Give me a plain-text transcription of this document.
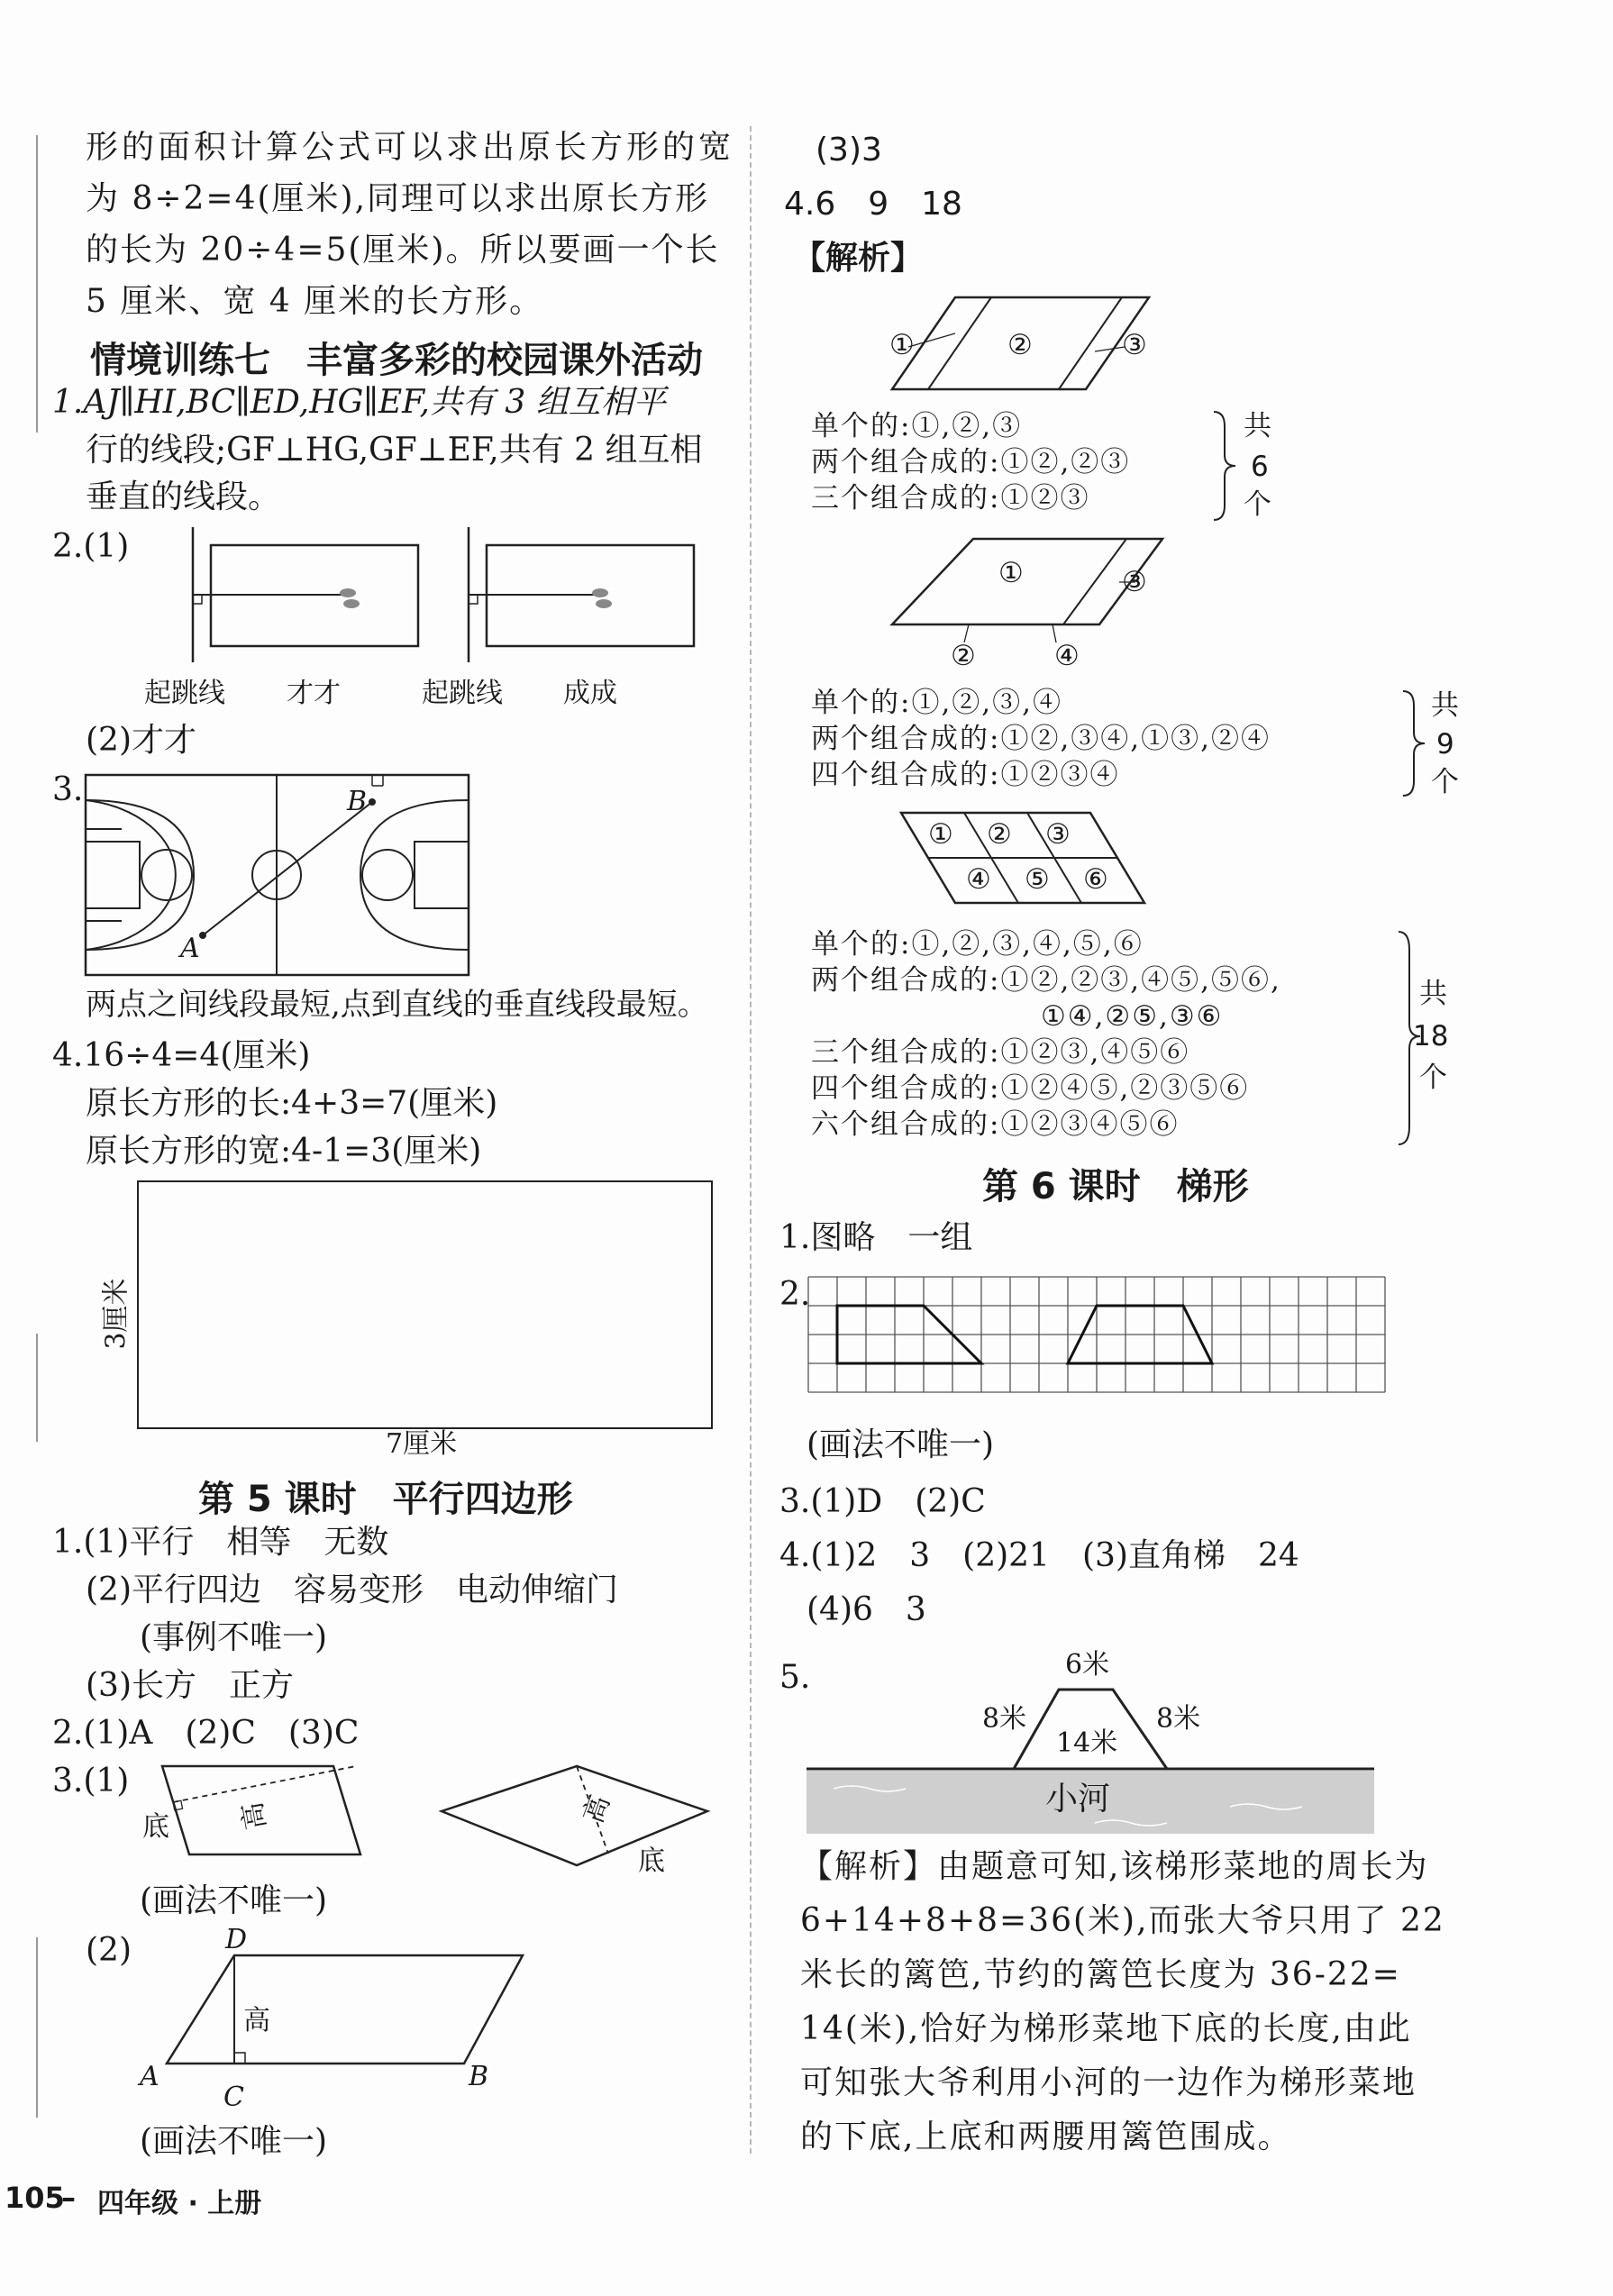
形的面积计算公式可以求出原长方形的宽
为 8÷2=4(厘米),同理可以求出原长方形
的长为 20÷4=5(厘米)。所以要画一个长
5 厘米、宽 4 厘米的长方形。
情境训练七　丰富多彩的校园课外活动
1.AJ∥HI,BC∥ED,HG∥EF,共有 3 组互相平
行的线段;GF⊥HG,GF⊥EF,共有 2 组互相
垂直的线段。
2.(1)
起跳线 才才	起跳线 成成
(2)才才
3.	B
A
两点之间线段最短,点到直线的垂直线段最短。
4.16÷4=4(厘米)
原长方形的长:4+3=7(厘米)
原长方形的宽:4-1=3(厘米)
3厘米
7厘米
第 5 课时　平行四边形
1.(1)平行　相等　无数
(2)平行四边　容易变形　电动伸缩门
(事例不唯一)
(3)长方　正方
2.(1)A　(2)C　(3)C
3.(1)
底 高	高
底
(画法不唯一)
(2)	D
高
A
C
B
(画法不唯一)
(3)3
4.6　9　18
【解析】
①	②	③
单个的:①,②,③
两个组合成的:①②,②③
三个组合成的:①②③
共
6
个
①	③
②	④
单个的:①,②,③,④
两个组合成的:①②,③④,①③,②④
四个组合成的:①②③④
共
9
个
① ② ③
④ ⑤ ⑥
单个的:①,②,③,④,⑤,⑥
两个组合成的:①②,②③,④⑤,⑤⑥,
①④,②⑤,③⑥
三个组合成的:①②③,④⑤⑥
四个组合成的:①②④⑤,②③⑤⑥
六个组合成的:①②③④⑤⑥
共
18
个
第 6 课时　梯形
1.图略　一组
2.
(画法不唯一)
3.(1)D　(2)C
4.(1)2　3　(2)21　(3)直角梯　24
(4)6　3
5.	6米
8米	8米
14米
小河
【解析】由题意可知,该梯形菜地的周长为
6+14+8+8=36(米),而张大爷只用了 22
米长的篱笆,节约的篱笆长度为 36-22=
14(米),恰好为梯形菜地下底的长度,由此
可知张大爷利用小河的一边作为梯形菜地
的下底,上底和两腰用篱笆围成。
105
– 四年级 · 上册
